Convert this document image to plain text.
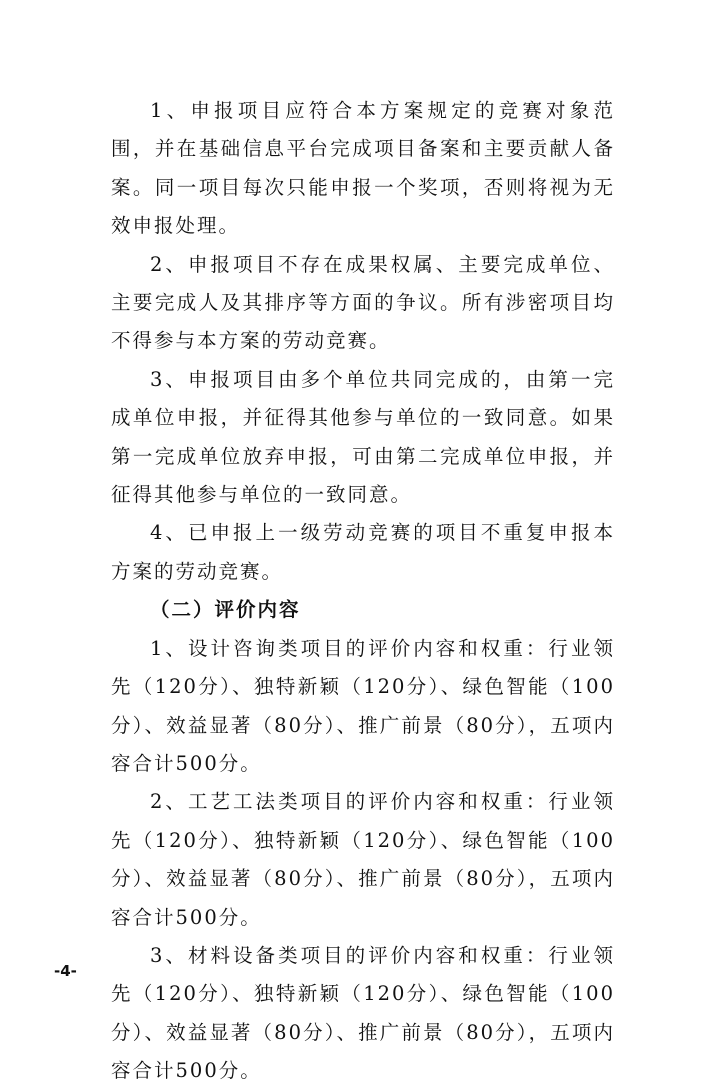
1、申报项目应符合本方案规定的竞赛对象范围，并在基础信息平台完成项目备案和主要贡献人备案。同一项目每次只能申报一个奖项，否则将视为无效申报处理。

2、申报项目不存在成果权属、主要完成单位、主要完成人及其排序等方面的争议。所有涉密项目均不得参与本方案的劳动竞赛。

3、申报项目由多个单位共同完成的，由第一完成单位申报，并征得其他参与单位的一致同意。如果第一完成单位放弃申报，可由第二完成单位申报，并征得其他参与单位的一致同意。

4、已申报上一级劳动竞赛的项目不重复申报本方案的劳动竞赛。

（二）评价内容

1、设计咨询类项目的评价内容和权重：行业领先（120分）、独特新颖（120分）、绿色智能（100分）、效益显著（80分）、推广前景（80分），五项内容合计500分。

2、工艺工法类项目的评价内容和权重：行业领先（120分）、独特新颖（120分）、绿色智能（100分）、效益显著（80分）、推广前景（80分），五项内容合计500分。

3、材料设备类项目的评价内容和权重：行业领先（120分）、独特新颖（120分）、绿色智能（100分）、效益显著（80分）、推广前景（80分），五项内容合计500分。

-4-
